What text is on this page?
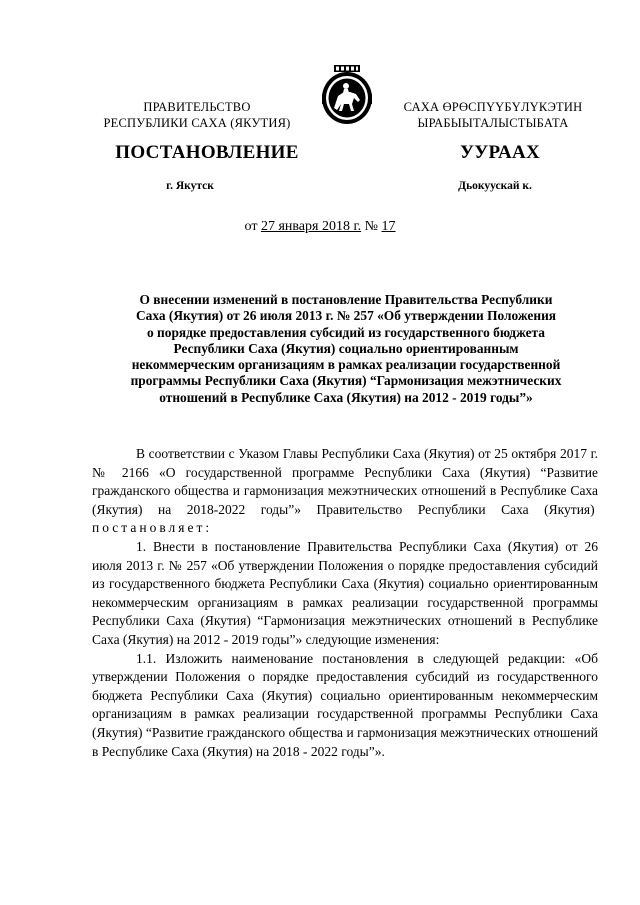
ПРАВИТЕЛЬСТВО
РЕСПУБЛИКИ САХА (ЯКУТИЯ)
САХА ӨРӨСПҮҮБҮЛҮКЭТИН
ЫРАБЫЫТАЛЫСТЫБАТА
ПОСТАНОВЛЕНИЕ	УУРААХ
г. Якутск	Дьокуускай к.
от 27 января 2018 г. № 17
О внесении изменений в постановление Правительства Республики
Саха (Якутия) от 26 июля 2013 г. № 257 «Об утверждении Положения
о порядке предоставления субсидий из государственного бюджета
Республики Саха (Якутия) социально ориентированным
некоммерческим организациям в рамках реализации государственной
программы Республики Саха (Якутия) “Гармонизация межэтнических
отношений в Республике Саха (Якутия) на 2012 - 2019 годы”»

В соответствии с Указом Главы Республики Саха (Якутия) от 25 октября 2017 г. № 2166 «О государственной программе Республики Саха (Якутия) “Развитие гражданского общества и гармонизация межэтнических отношений в Республике Саха (Якутия) на 2018-2022 годы”» Правительство Республики Саха (Якутия)  постановляет:

1. Внести в постановление Правительства Республики Саха (Якутия) от 26 июля 2013 г. № 257 «Об утверждении Положения о порядке предоставления субсидий из государственного бюджета Республики Саха (Якутия) социально ориентированным некоммерческим организациям в рамках реализации государственной программы Республики Саха (Якутия) “Гармонизация межэтнических отношений в Республике Саха (Якутия) на 2012 - 2019 годы”» следующие изменения:

1.1. Изложить наименование постановления в следующей редакции: «Об утверждении Положения о порядке предоставления субсидий из государственного бюджета Республики Саха (Якутия) социально ориентированным некоммерческим организациям в рамках реализации государственной программы Республики Саха (Якутия) “Развитие гражданского общества и гармонизация межэтнических отношений в Республике Саха (Якутия) на 2018 - 2022 годы”».
